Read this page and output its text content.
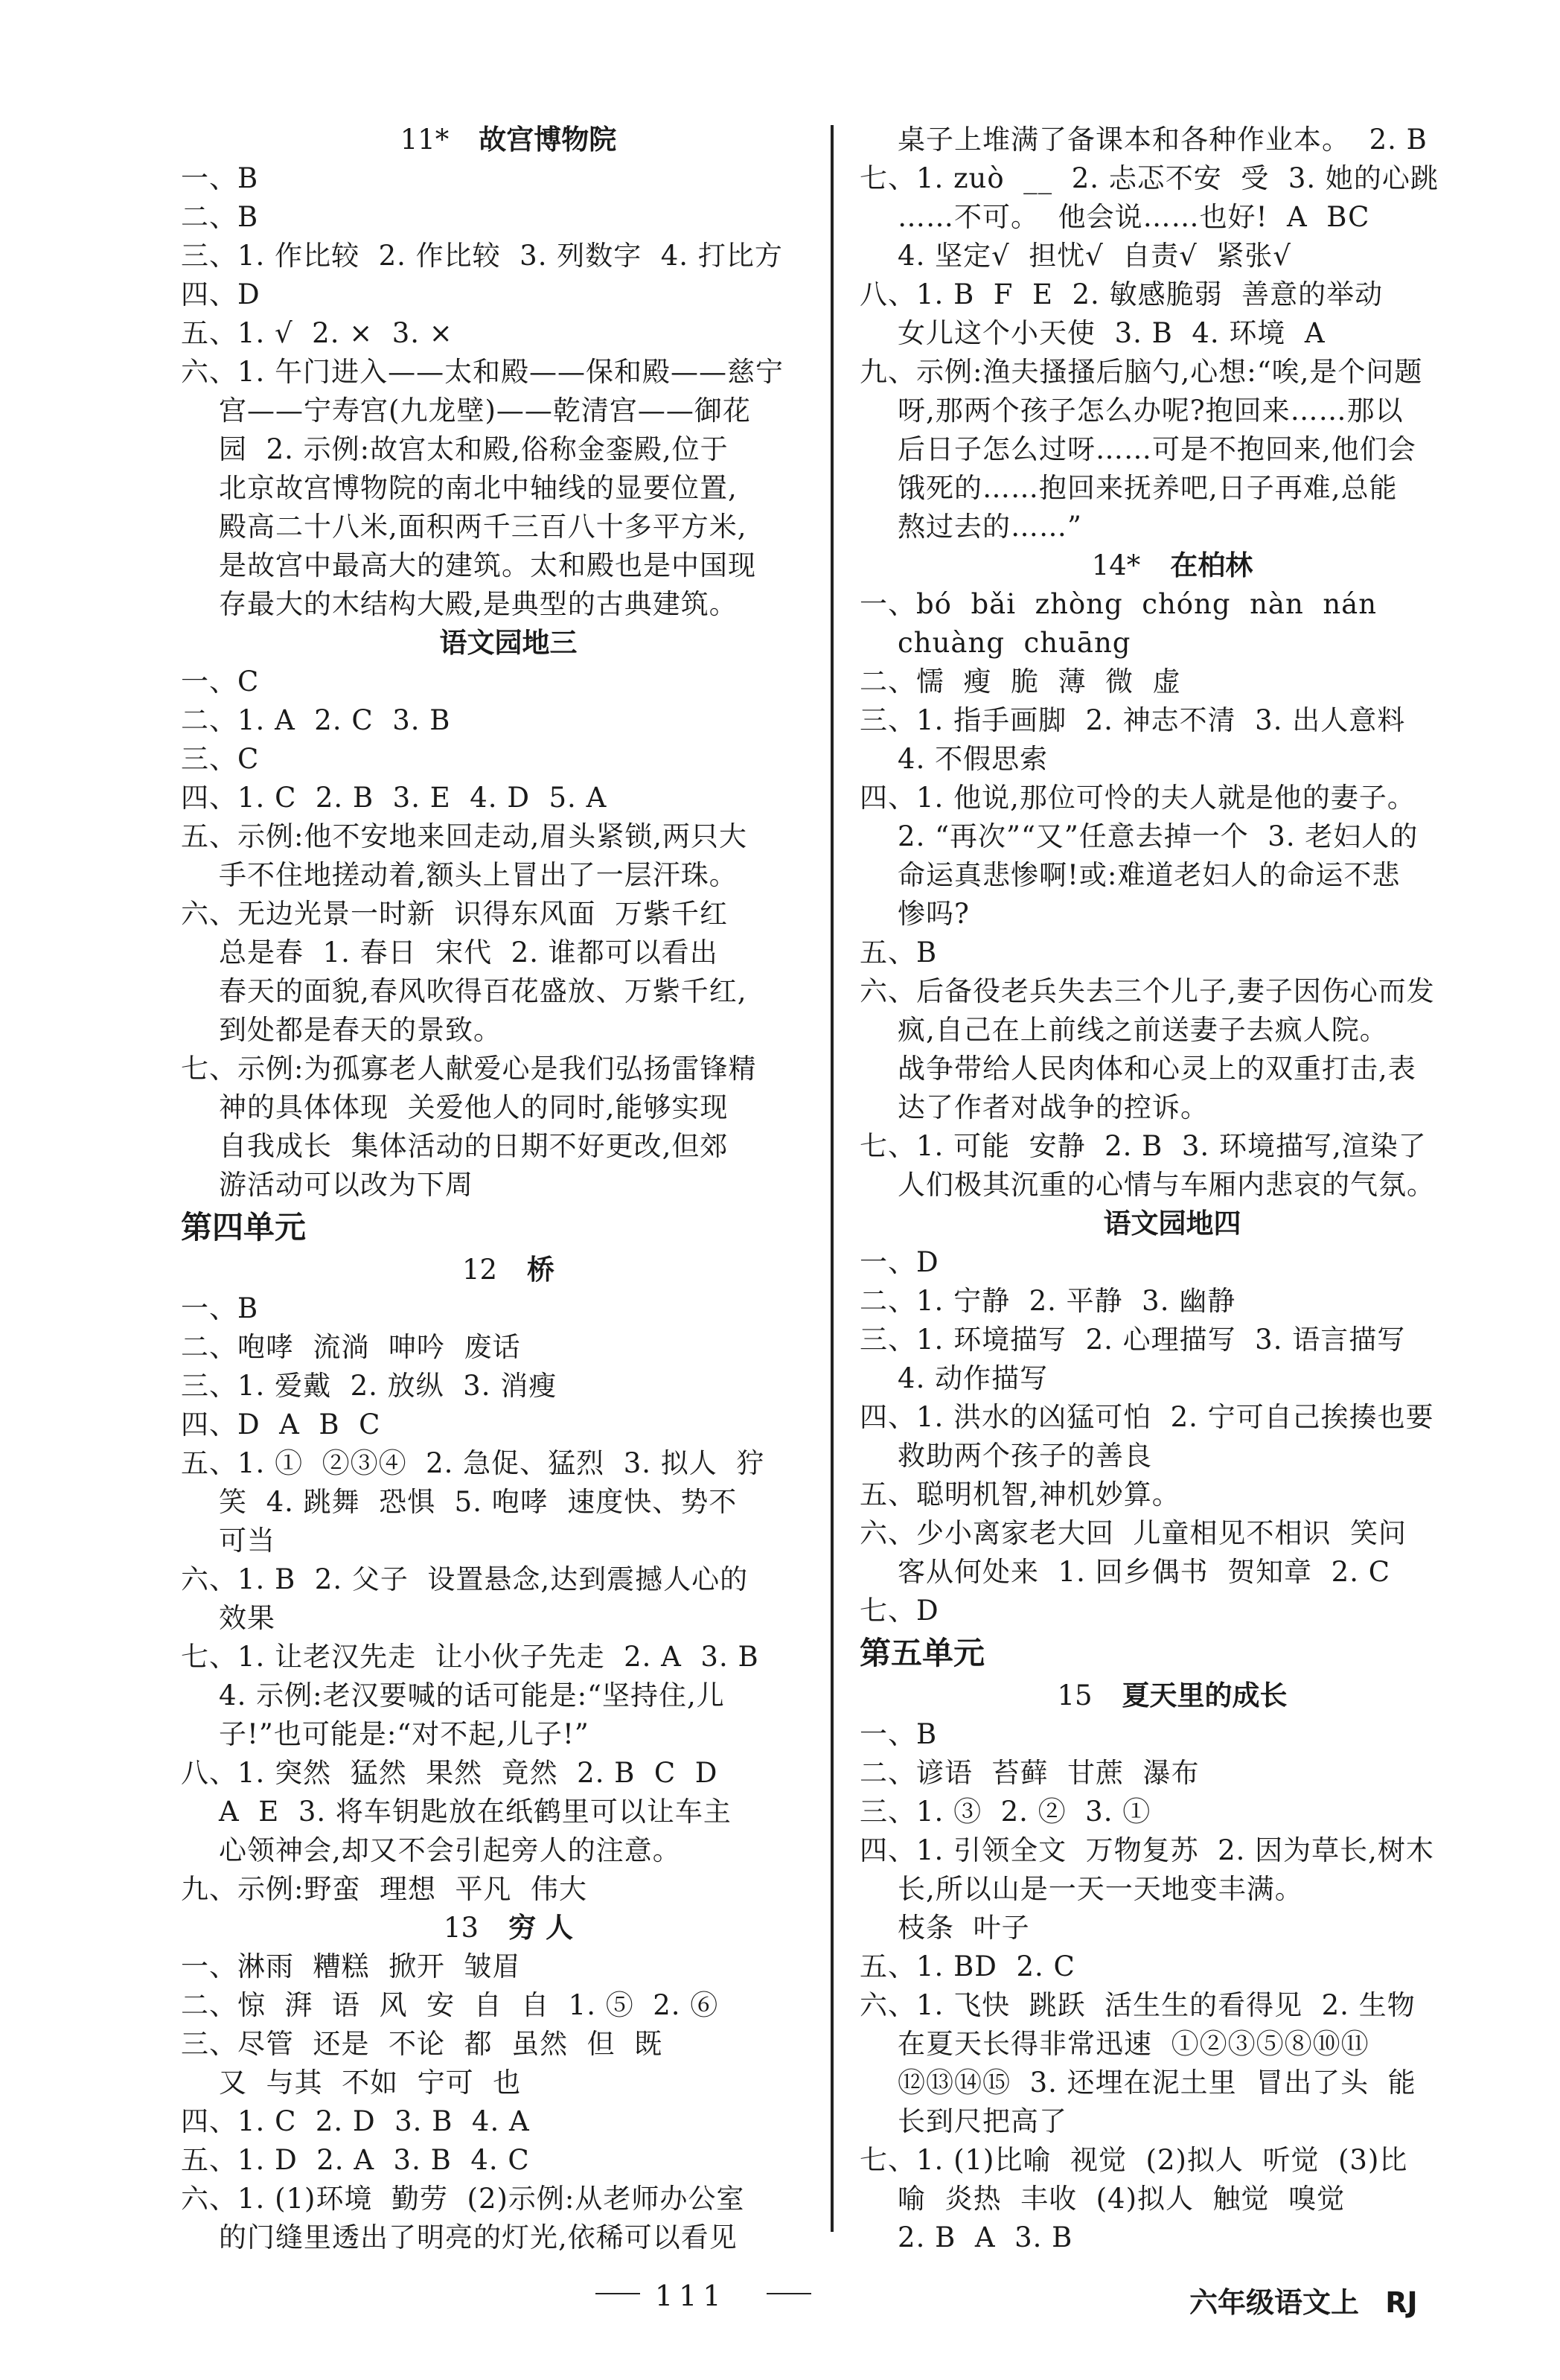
11* 故宫博物院
一、B
二、B
三、1. 作比较  2. 作比较  3. 列数字  4. 打比方
四、D
五、1. √  2. ×  3. ×
六、1. 午门进入——太和殿——保和殿——慈宁
宫——宁寿宫(九龙壁)——乾清宫——御花
园  2. 示例:故宫太和殿,俗称金銮殿,位于
北京故宫博物院的南北中轴线的显要位置,
殿高二十八米,面积两千三百八十多平方米,
是故宫中最高大的建筑。太和殿也是中国现
存最大的木结构大殿,是典型的古典建筑。
语文园地三
一、C
二、1. A  2. C  3. B
三、C
四、1. C  2. B  3. E  4. D  5. A
五、示例:他不安地来回走动,眉头紧锁,两只大
手不住地搓动着,额头上冒出了一层汗珠。
六、无边光景一时新  识得东风面  万紫千红
总是春  1. 春日  宋代  2. 谁都可以看出
春天的面貌,春风吹得百花盛放、万紫千红,
到处都是春天的景致。
七、示例:为孤寡老人献爱心是我们弘扬雷锋精
神的具体体现  关爱他人的同时,能够实现
自我成长  集体活动的日期不好更改,但郊
游活动可以改为下周
第四单元
12 桥
一、B
二、咆哮  流淌  呻吟  废话
三、1. 爱戴  2. 放纵  3. 消瘦
四、D  A  B  C
五、1. ①  ②③④  2. 急促、猛烈  3. 拟人  狞
笑  4. 跳舞  恐惧  5. 咆哮  速度快、势不
可当
六、1. B  2. 父子  设置悬念,达到震撼人心的
效果
七、1. 让老汉先走  让小伙子先走  2. A  3. B
4. 示例:老汉要喊的话可能是:“坚持住,儿
子!”也可能是:“对不起,儿子!”
八、1. 突然  猛然  果然  竟然  2. B  C  D
A  E  3. 将车钥匙放在纸鹤里可以让车主
心领神会,却又不会引起旁人的注意。
九、示例:野蛮  理想  平凡  伟大
13 穷 人
一、淋雨  糟糕  掀开  皱眉
二、惊  湃  语  风  安  自  自  1. ⑤  2. ⑥
三、尽管  还是  不论  都  虽然  但  既
又  与其  不如  宁可  也
四、1. C  2. D  3. B  4. A
五、1. D  2. A  3. B  4. C
六、1. (1)环境  勤劳  (2)示例:从老师办公室
的门缝里透出了明亮的灯光,依稀可以看见
桌子上堆满了备课本和各种作业本。  2. B
七、1. zuò  __  2. 忐忑不安  受  3. 她的心跳
……不可。  他会说……也好!  A  BC
4. 坚定√  担忧√  自责√  紧张√
八、1. B  F  E  2. 敏感脆弱  善意的举动
女儿这个小天使  3. B  4. 环境  A
九、示例:渔夫搔搔后脑勺,心想:“唉,是个问题
呀,那两个孩子怎么办呢?抱回来……那以
后日子怎么过呀……可是不抱回来,他们会
饿死的……抱回来抚养吧,日子再难,总能
熬过去的……”
14* 在柏林
一、bó  bǎi  zhòng  chóng  nàn  nán
chuàng  chuāng
二、懦  瘦  脆  薄  微  虚
三、1. 指手画脚  2. 神志不清  3. 出人意料
4. 不假思索
四、1. 他说,那位可怜的夫人就是他的妻子。
2. “再次”“又”任意去掉一个  3. 老妇人的
命运真悲惨啊!或:难道老妇人的命运不悲
惨吗?
五、B
六、后备役老兵失去三个儿子,妻子因伤心而发
疯,自己在上前线之前送妻子去疯人院。
战争带给人民肉体和心灵上的双重打击,表
达了作者对战争的控诉。
七、1. 可能  安静  2. B  3. 环境描写,渲染了
人们极其沉重的心情与车厢内悲哀的气氛。
语文园地四
一、D
二、1. 宁静  2. 平静  3. 幽静
三、1. 环境描写  2. 心理描写  3. 语言描写
4. 动作描写
四、1. 洪水的凶猛可怕  2. 宁可自己挨揍也要
救助两个孩子的善良
五、聪明机智,神机妙算。
六、少小离家老大回  儿童相见不相识  笑问
客从何处来  1. 回乡偶书  贺知章  2. C
七、D
第五单元
15 夏天里的成长
一、B
二、谚语  苔藓  甘蔗  瀑布
三、1. ③  2. ②  3. ①
四、1. 引领全文  万物复苏  2. 因为草长,树木
长,所以山是一天一天地变丰满。
枝条  叶子
五、1. BD  2. C
六、1. 飞快  跳跃  活生生的看得见  2. 生物
在夏天长得非常迅速  ①②③⑤⑧⑩⑪
⑫⑬⑭⑮  3. 还埋在泥土里  冒出了头  能
长到尺把高了
七、1. (1)比喻  视觉  (2)拟人  听觉  (3)比
喻  炎热  丰收  (4)拟人  触觉  嗅觉
2. B  A  3. B
111	六年级语文上 RJ
